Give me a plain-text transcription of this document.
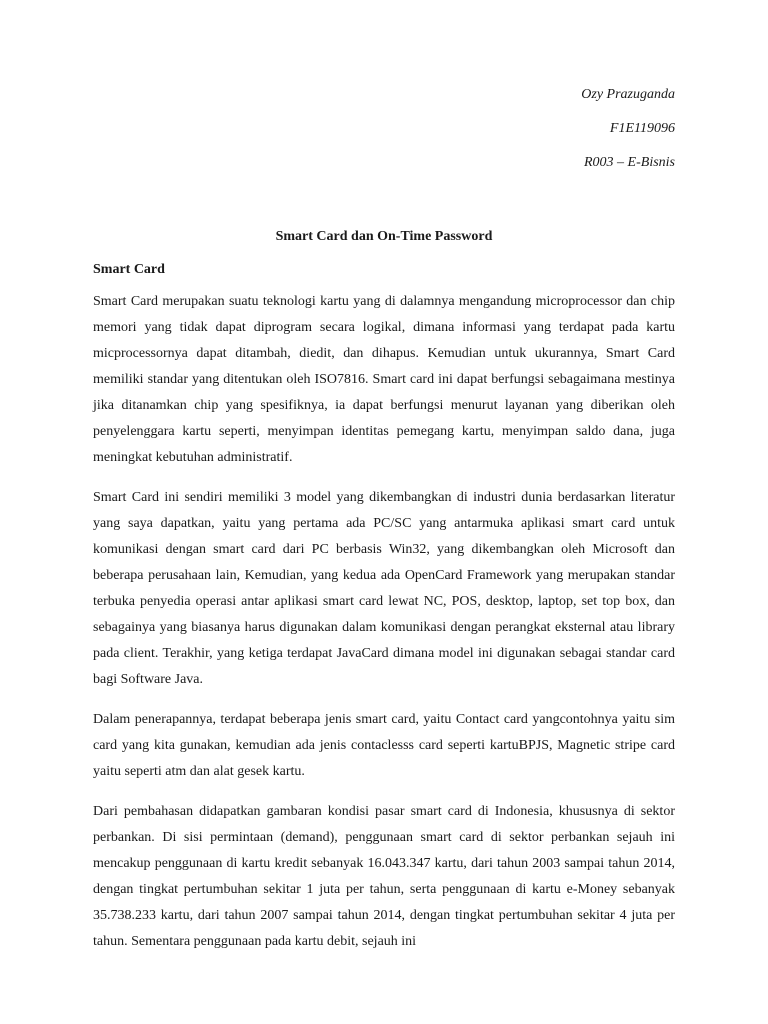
Ozy Prazuganda
F1E119096
R003 – E-Bisnis
Smart Card dan On-Time Password
Smart Card

Smart Card merupakan suatu teknologi kartu yang di dalamnya mengandung microprocessor dan chip memori yang tidak dapat diprogram secara logikal, dimana informasi yang terdapat pada kartu micprocessornya dapat ditambah, diedit, dan dihapus. Kemudian untuk ukurannya, Smart Card memiliki standar yang ditentukan oleh ISO7816. Smart card ini dapat berfungsi sebagaimana mestinya jika ditanamkan chip yang spesifiknya, ia dapat berfungsi menurut layanan yang diberikan oleh penyelenggara kartu seperti, menyimpan identitas pemegang kartu, menyimpan saldo dana, juga meningkat kebutuhan administratif.

Smart Card ini sendiri memiliki 3 model yang dikembangkan di industri dunia berdasarkan literatur yang saya dapatkan, yaitu yang pertama ada PC/SC yang antarmuka aplikasi smart card untuk komunikasi dengan smart card dari PC berbasis Win32, yang dikembangkan oleh Microsoft dan beberapa perusahaan lain, Kemudian, yang kedua ada OpenCard Framework yang merupakan standar terbuka penyedia operasi antar aplikasi smart card lewat NC, POS, desktop, laptop, set top box, dan sebagainya yang biasanya harus digunakan dalam komunikasi dengan perangkat eksternal atau library pada client. Terakhir, yang ketiga terdapat JavaCard dimana model ini digunakan sebagai standar card bagi Software Java.

Dalam penerapannya, terdapat beberapa jenis smart card, yaitu Contact card yangcontohnya yaitu sim card yang kita gunakan, kemudian ada jenis contaclesss card seperti kartuBPJS, Magnetic stripe card yaitu seperti atm dan alat gesek kartu.

Dari pembahasan didapatkan gambaran kondisi pasar smart card di Indonesia, khususnya di sektor perbankan. Di sisi permintaan (demand), penggunaan smart card di sektor perbankan sejauh ini mencakup penggunaan di kartu kredit sebanyak 16.043.347 kartu, dari tahun 2003 sampai tahun 2014, dengan tingkat pertumbuhan sekitar 1 juta per tahun, serta penggunaan di kartu e-Money sebanyak 35.738.233 kartu, dari tahun 2007 sampai tahun 2014, dengan tingkat pertumbuhan sekitar 4 juta per tahun. Sementara penggunaan pada kartu debit, sejauh ini
